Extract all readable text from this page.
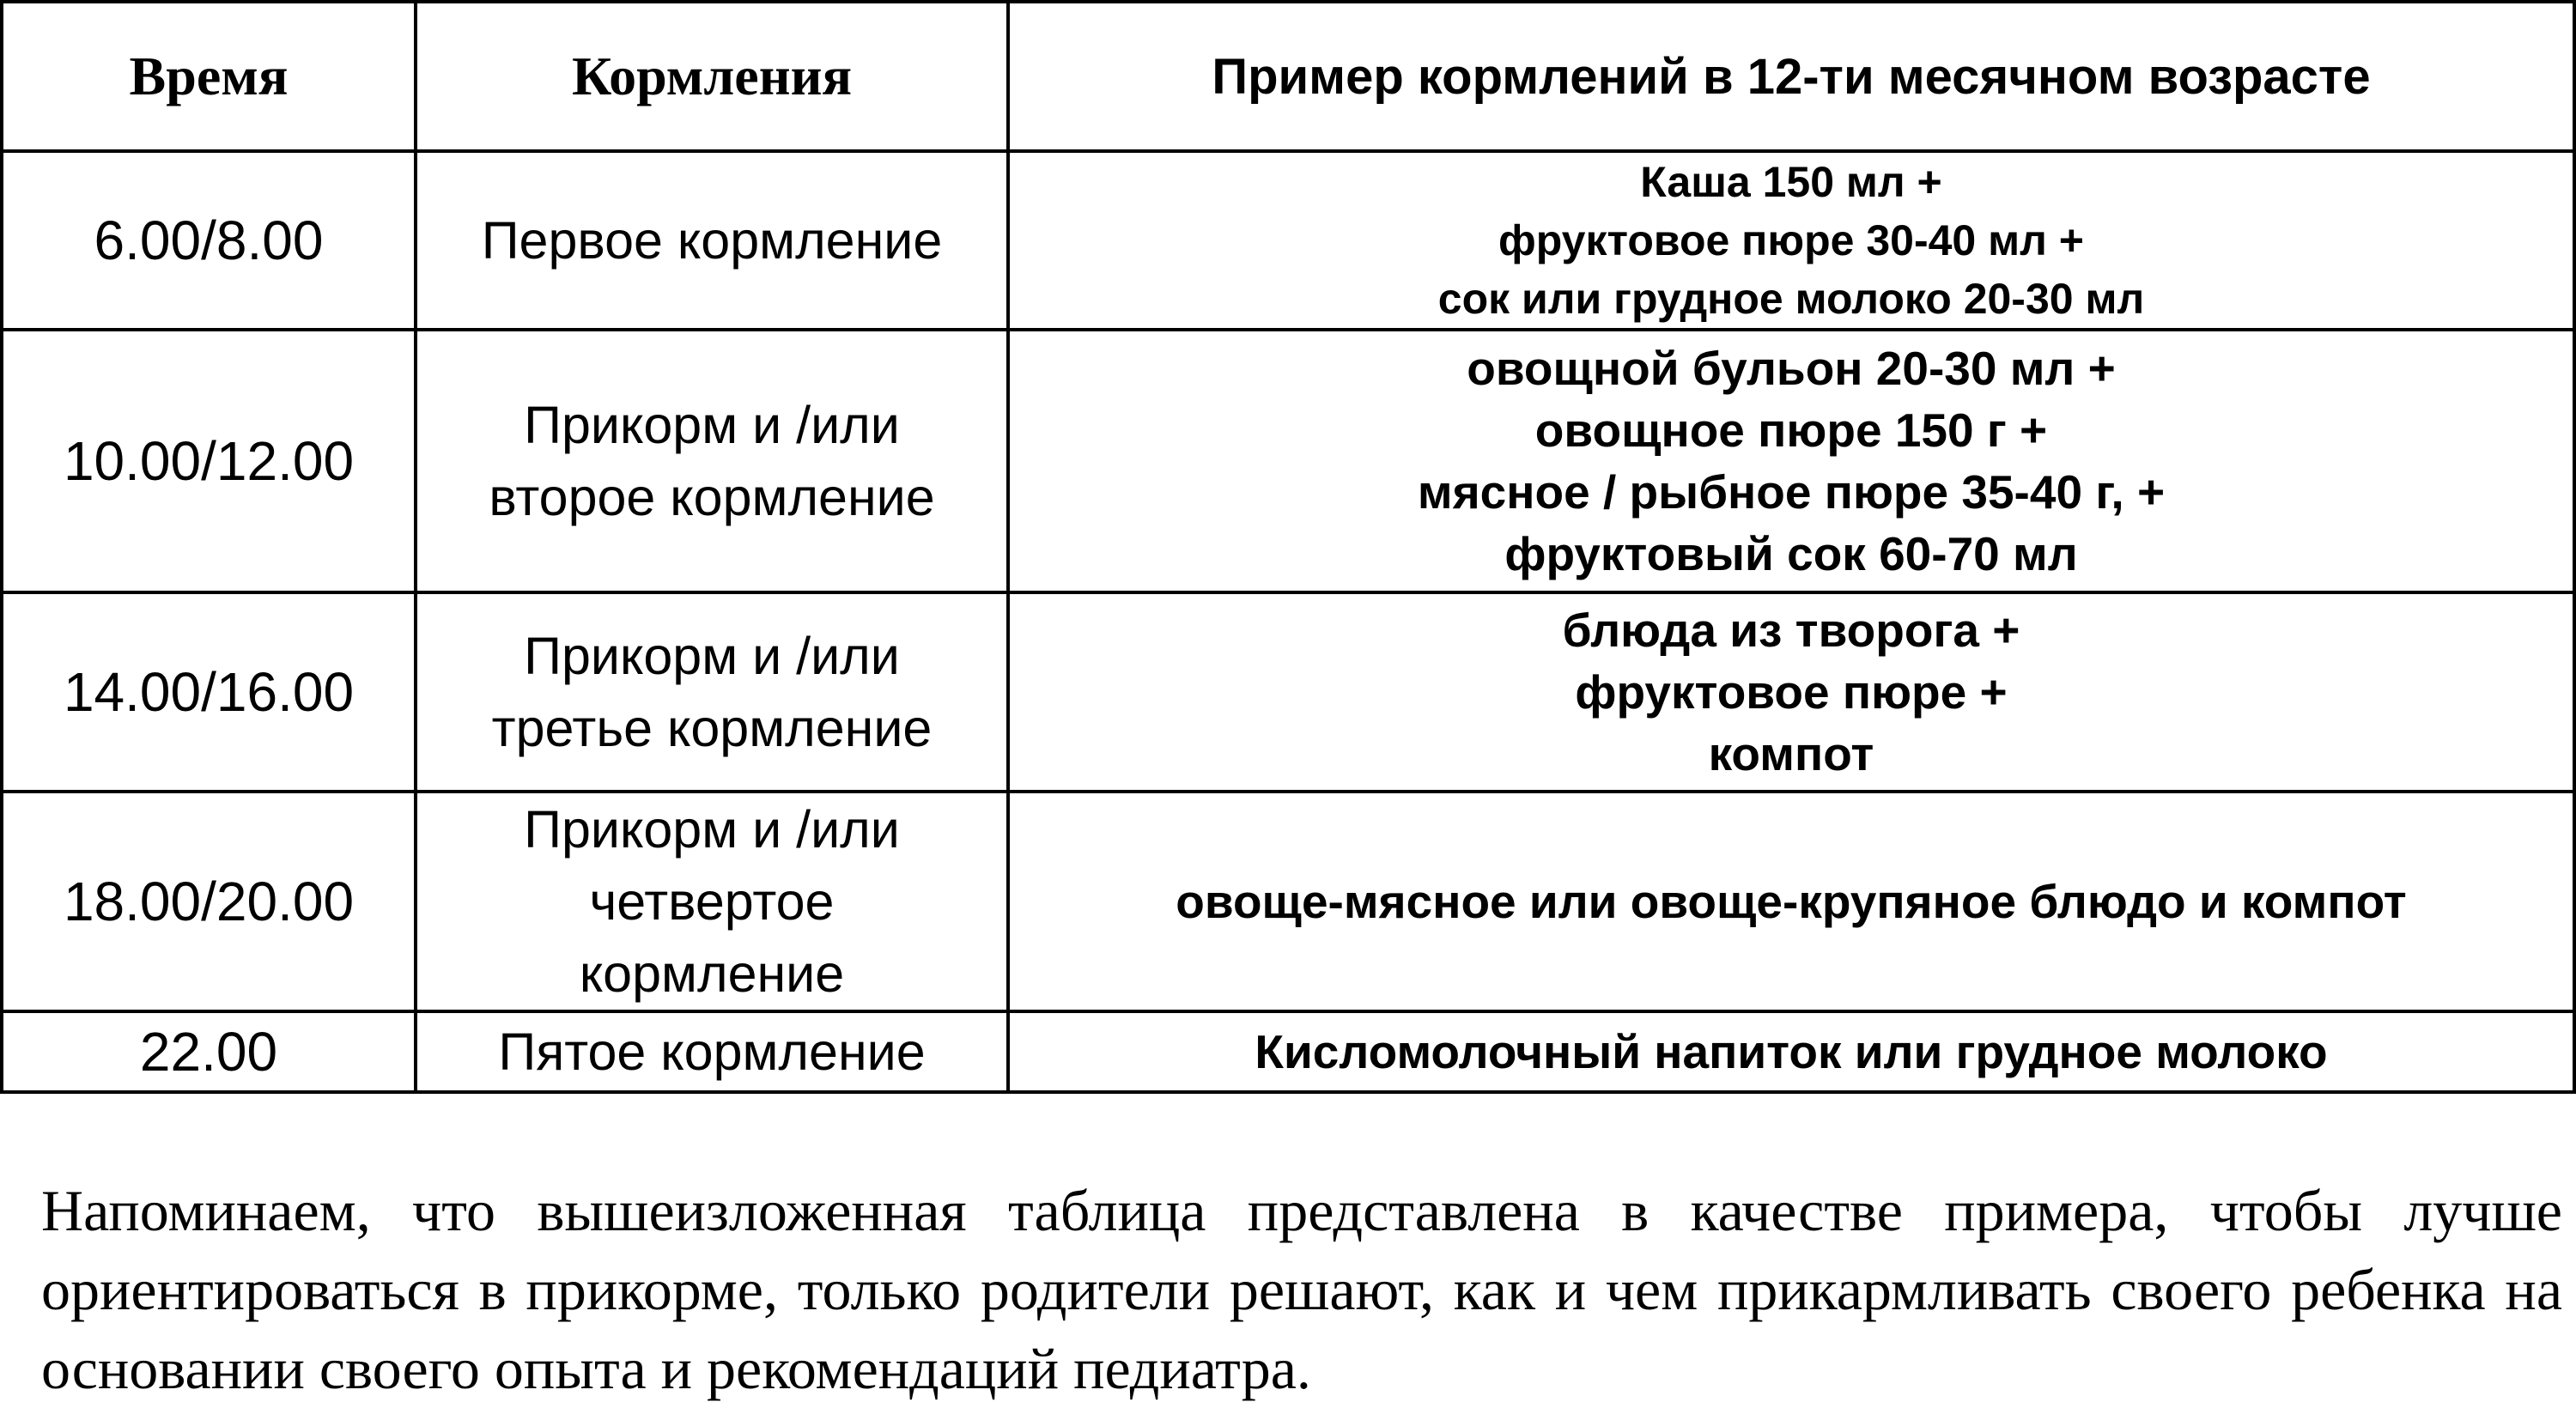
Время	Кормления	Пример кормлений в 12-ти месячном возрасте
6.00/8.00	Первое кормление	Каша 150 мл +
фруктовое пюре 30-40 мл +
сок или грудное молоко 20-30 мл

10.00/12.00	Прикорм и /или
второе кормление	овощной бульон 20-30 мл +
овощное пюре 150 г +
мясное / рыбное пюре 35-40 г, +
фруктовый сок 60-70 мл

14.00/16.00	Прикорм и /или
третье кормление	блюда из творога +
фруктовое пюре +
компот

18.00/20.00	Прикорм и /или
четвертое
кормление	овоще-мясное или овоще-крупяное блюдо и компот

22.00	Пятое кормление	Кисломолочный напиток или грудное молоко

Напоминаем, что вышеизложенная таблица представлена в качестве примера, чтобы лучше ориентироваться в прикорме, только родители решают, как и чем прикармливать своего ребенка на основании своего опыта и рекомендаций педиатра.
